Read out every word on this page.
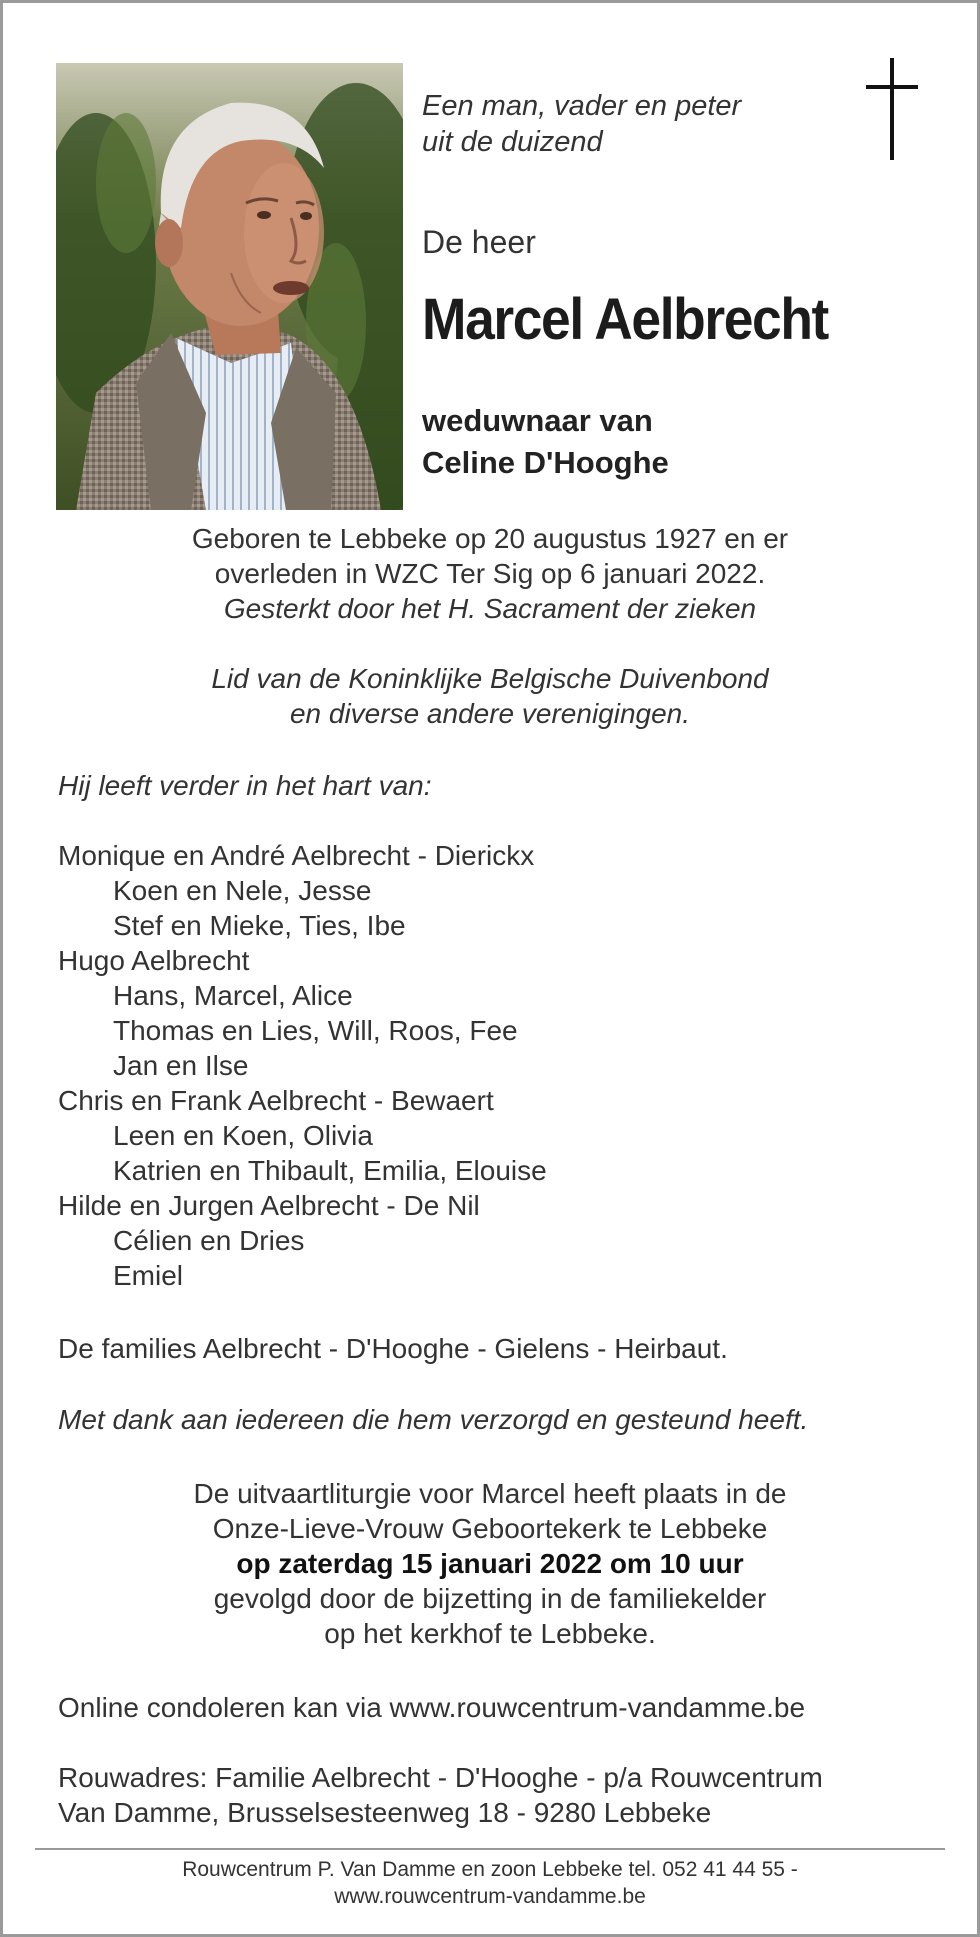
Een man, vader en peter
uit de duizend
De heer
Marcel Aelbrecht
weduwnaar van
Celine D'Hooghe
Geboren te Lebbeke op 20 augustus 1927 en er
overleden in WZC Ter Sig op 6 januari 2022.
Gesterkt door het H. Sacrament der zieken
Lid van de Koninklijke Belgische Duivenbond
en diverse andere verenigingen.
Hij leeft verder in het hart van:
Monique en André Aelbrecht - Dierickx
Koen en Nele, Jesse
Stef en Mieke, Ties, Ibe
Hugo Aelbrecht
Hans, Marcel, Alice
Thomas en Lies, Will, Roos, Fee
Jan en Ilse
Chris en Frank Aelbrecht - Bewaert
Leen en Koen, Olivia
Katrien en Thibault, Emilia, Elouise
Hilde en Jurgen Aelbrecht - De Nil
Célien en Dries
Emiel
De families Aelbrecht - D'Hooghe - Gielens - Heirbaut.
Met dank aan iedereen die hem verzorgd en gesteund heeft.
De uitvaartliturgie voor Marcel heeft plaats in de
Onze-Lieve-Vrouw Geboortekerk te Lebbeke
op zaterdag 15 januari 2022 om 10 uur
gevolgd door de bijzetting in de familiekelder
op het kerkhof te Lebbeke.
Online condoleren kan via www.rouwcentrum-vandamme.be
Rouwadres: Familie Aelbrecht - D'Hooghe - p/a Rouwcentrum
Van Damme, Brusselsesteenweg 18 - 9280 Lebbeke
Rouwcentrum P. Van Damme en zoon Lebbeke tel. 052 41 44 55 -
www.rouwcentrum-vandamme.be
